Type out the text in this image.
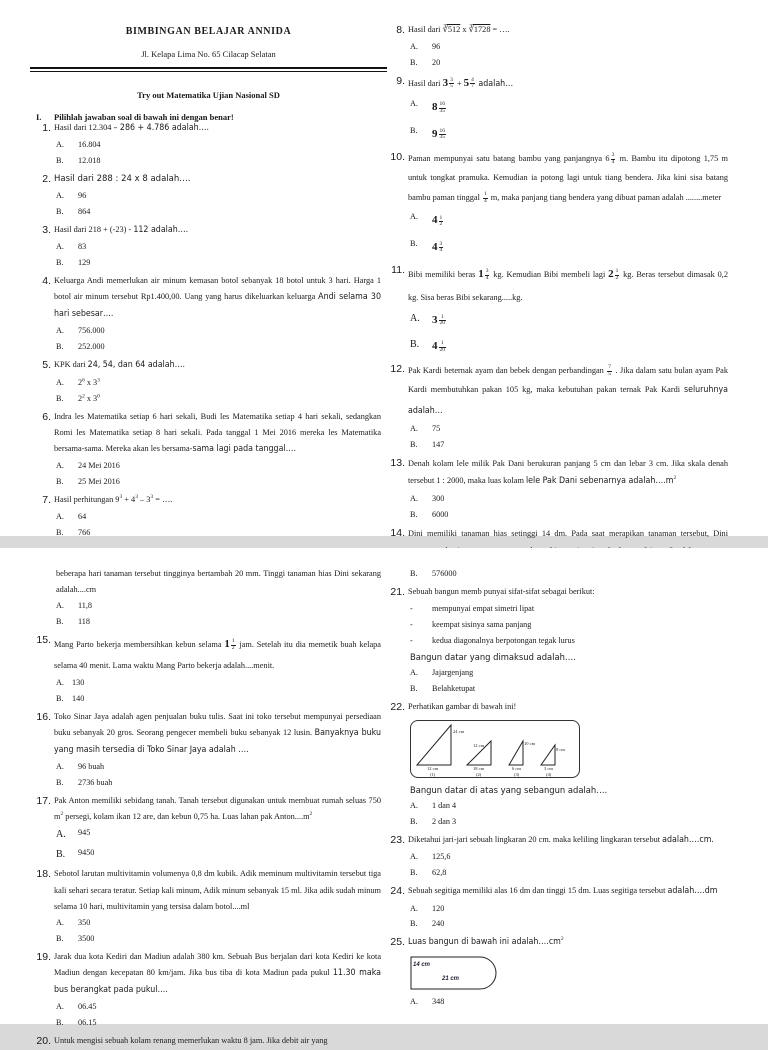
BIMBINGAN BELAJAR ANNIDA
Jl. Kelapa Lima No. 65 Cilacap Selatan
Try out Matematika Ujian Nasional SD
I.	Pilihlah jawaban soal di bawah ini dengan benar!
1. Hasil dari 12.304 – 286 + 4.786 adalah….
A.	16.804
B.	12.018
2. Hasil dari 288 : 24 x 8 adalah….
A.	96
B.	864
3. Hasil dari 218 + (-23) - 112 adalah….
A.	83
B.	129
4. Keluarga Andi memerlukan air minum kemasan botol sebanyak 18 botol untuk 3 hari. Harga 1 botol air minum tersebut Rp1.400,00. Uang yang harus dikeluarkan keluarga Andi selama 30 hari sebesar….
A.	756.000
B.	252.000
5. KPK dari 24, 54, dan 64 adalah….
A.	$2^6$ x $3^3$
B.	$2^2$ x $3^0$
6. Indra les Matematika setiap 6 hari sekali, Budi les Matematika setiap 4 hari sekali, sedangkan Romi les Matematika setiap 8 hari sekali. Pada tanggal 1 Mei 2016 mereka les Matematika bersama-sama. Mereka akan les bersama-sama lagi pada tanggal….
A.	24 Mei 2016
B.	25 Mei 2016
7. Hasil perhitungan $9^3 + 4^3 - 3^3$ = ….
A.	64
B.	766
8. Hasil dari ∛512 x ∛1728 = ….
A.	96
B.	20
9. Hasil dari $3 \frac{3}{5} + 5 \frac{4}{7}$ adalah…
A.	$8 \frac{16}{35}$
B.	$9 \frac{16}{35}$
10. Paman mempunyai satu batang bambu yang panjangnya $6 \frac{3}{4} m$. Bambu itu dipotong 1,75 m untuk tongkat pramuka. Kemudian ia potong lagi untuk tiang bendera. Jika kini sisa batang bambu paman tinggal $\frac{1}{4} m$, maka panjang tiang bendera yang dibuat paman adalah ........meter
A.	$4 \frac{1}{2}$
B.	$4 \frac{3}{4}$
11. Bibi memiliki beras $1 \frac{3}{4}$ kg. Kemudian Bibi membeli lagi $2 \frac{1}{2}$ kg. Beras tersebut dimasak 0,2 kg. Sisa beras Bibi sekarang.....kg.
A.	$3 \frac{1}{20}$
B.	$4 \frac{1}{20}$
12. Pak Kardi beternak ayam dan bebek dengan perbandingan $\frac{7}{5}$ . Jika dalam satu bulan ayam Pak Kardi membutuhkan pakan 105 kg, maka kebutuhan pakan ternak Pak Kardi seluruhnya adalah…
A.	75
B.	147
13. Denah kolam lele milik Pak Dani berukuran panjang 5 cm dan lebar 3 cm. Jika skala denah tersebut 1 : 2000, maka luas kolam lele Pak Dani sebenarnya $adalah\dots.m^2$
A.	300
B.	6000
14. Dini memiliki tanaman hias setinggi 14 dm. Pada saat merapikan tanaman tersebut, Dini
beberapa hari tanaman tersebut tingginya bertambah 20 mm. Tinggi tanaman hias Dini sekarang adalah....cm
A.	11,8
B.	118
15. Mang Parto bekerja membersihkan kebun selama $1 \frac{1}{2}$ jam. Setelah itu dia memetik buah kelapa selama 40 menit. Lama waktu Mang Parto bekerja adalah....menit.
A. 130
B.	140
16. Toko Sinar Jaya adalah agen penjualan buku tulis. Saat ini toko tersebut mempunyai persediaan buku sebanyak 20 gros. Seorang pengecer membeli buku sebanyak 12 lusin. Banyaknya buku yang masih tersedia di Toko Sinar Jaya adalah ….
A.	96 buah
B.	2736 buah
17. Pak Anton memiliki sebidang tanah. Tanah tersebut digunakan untuk membuat rumah seluas 750 $m^2$ persegi, kolam ikan 12 are, dan kebun 0,75 ha. Luas lahan pak $Anton....m^2$
A.	945
B.	9450
18. Sebotol larutan multivitamin volumenya 0,8 dm kubik. Adik meminum multivitamin tersebut tiga kali sehari secara teratur. Setiap kali minum, Adik minum sebanyak 15 ml. Jika adik sudah minum selama 10 hari, multivitamin yang tersisa dalam botol....ml
A.	350
B.	3500
19. Jarak dua kota Kediri dan Madiun adalah 380 km. Sebuah Bus berjalan dari kota Kediri ke kota Madiun dengan kecepatan 80 km/jam. Jika bus tiba di kota Madiun pada pukul 11.30 maka bus berangkat pada pukul….
A.	06.45
B.	06.15
20. Untuk mengisi sebuah kolam renang memerlukan waktu 8 jam. Jika debit air yang
B.	576000
21. Sebuah bangun memb punyai sifat-sifat sebagai berikut:
-	mempunyai empat simetri lipat
-	keempat sisinya sama panjang
-	kedua diagonalnya berpotongan tegak lurus
Bangun datar yang dimaksud adalah….
A.	Jajargenjang
B.	Belahketupat
22. Perhatikan gambar di bawah ini!
24 cm
12 cm
(1)
12 cm
18 cm
(2)
10 cm
6 cm
(3)
8 cm
3 cm
(4)
Bangun datar di atas yang sebangun adalah….
A.	1 dan 4
B.	2 dan 3
23. Diketahui jari-jari sebuah lingkaran 20 cm. maka keliling lingkaran tersebut adalah….cm.
A.	125,6
B.	62,8
24. Sebuah segitiga memiliki alas 16 dm dan tinggi 15 dm. Luas segitiga tersebut adalah….dm
A.	120
B.	240
25. Luas bangun di bawah ini $adalah\dots.cm^2$
14 cm
21 cm
A.	348
